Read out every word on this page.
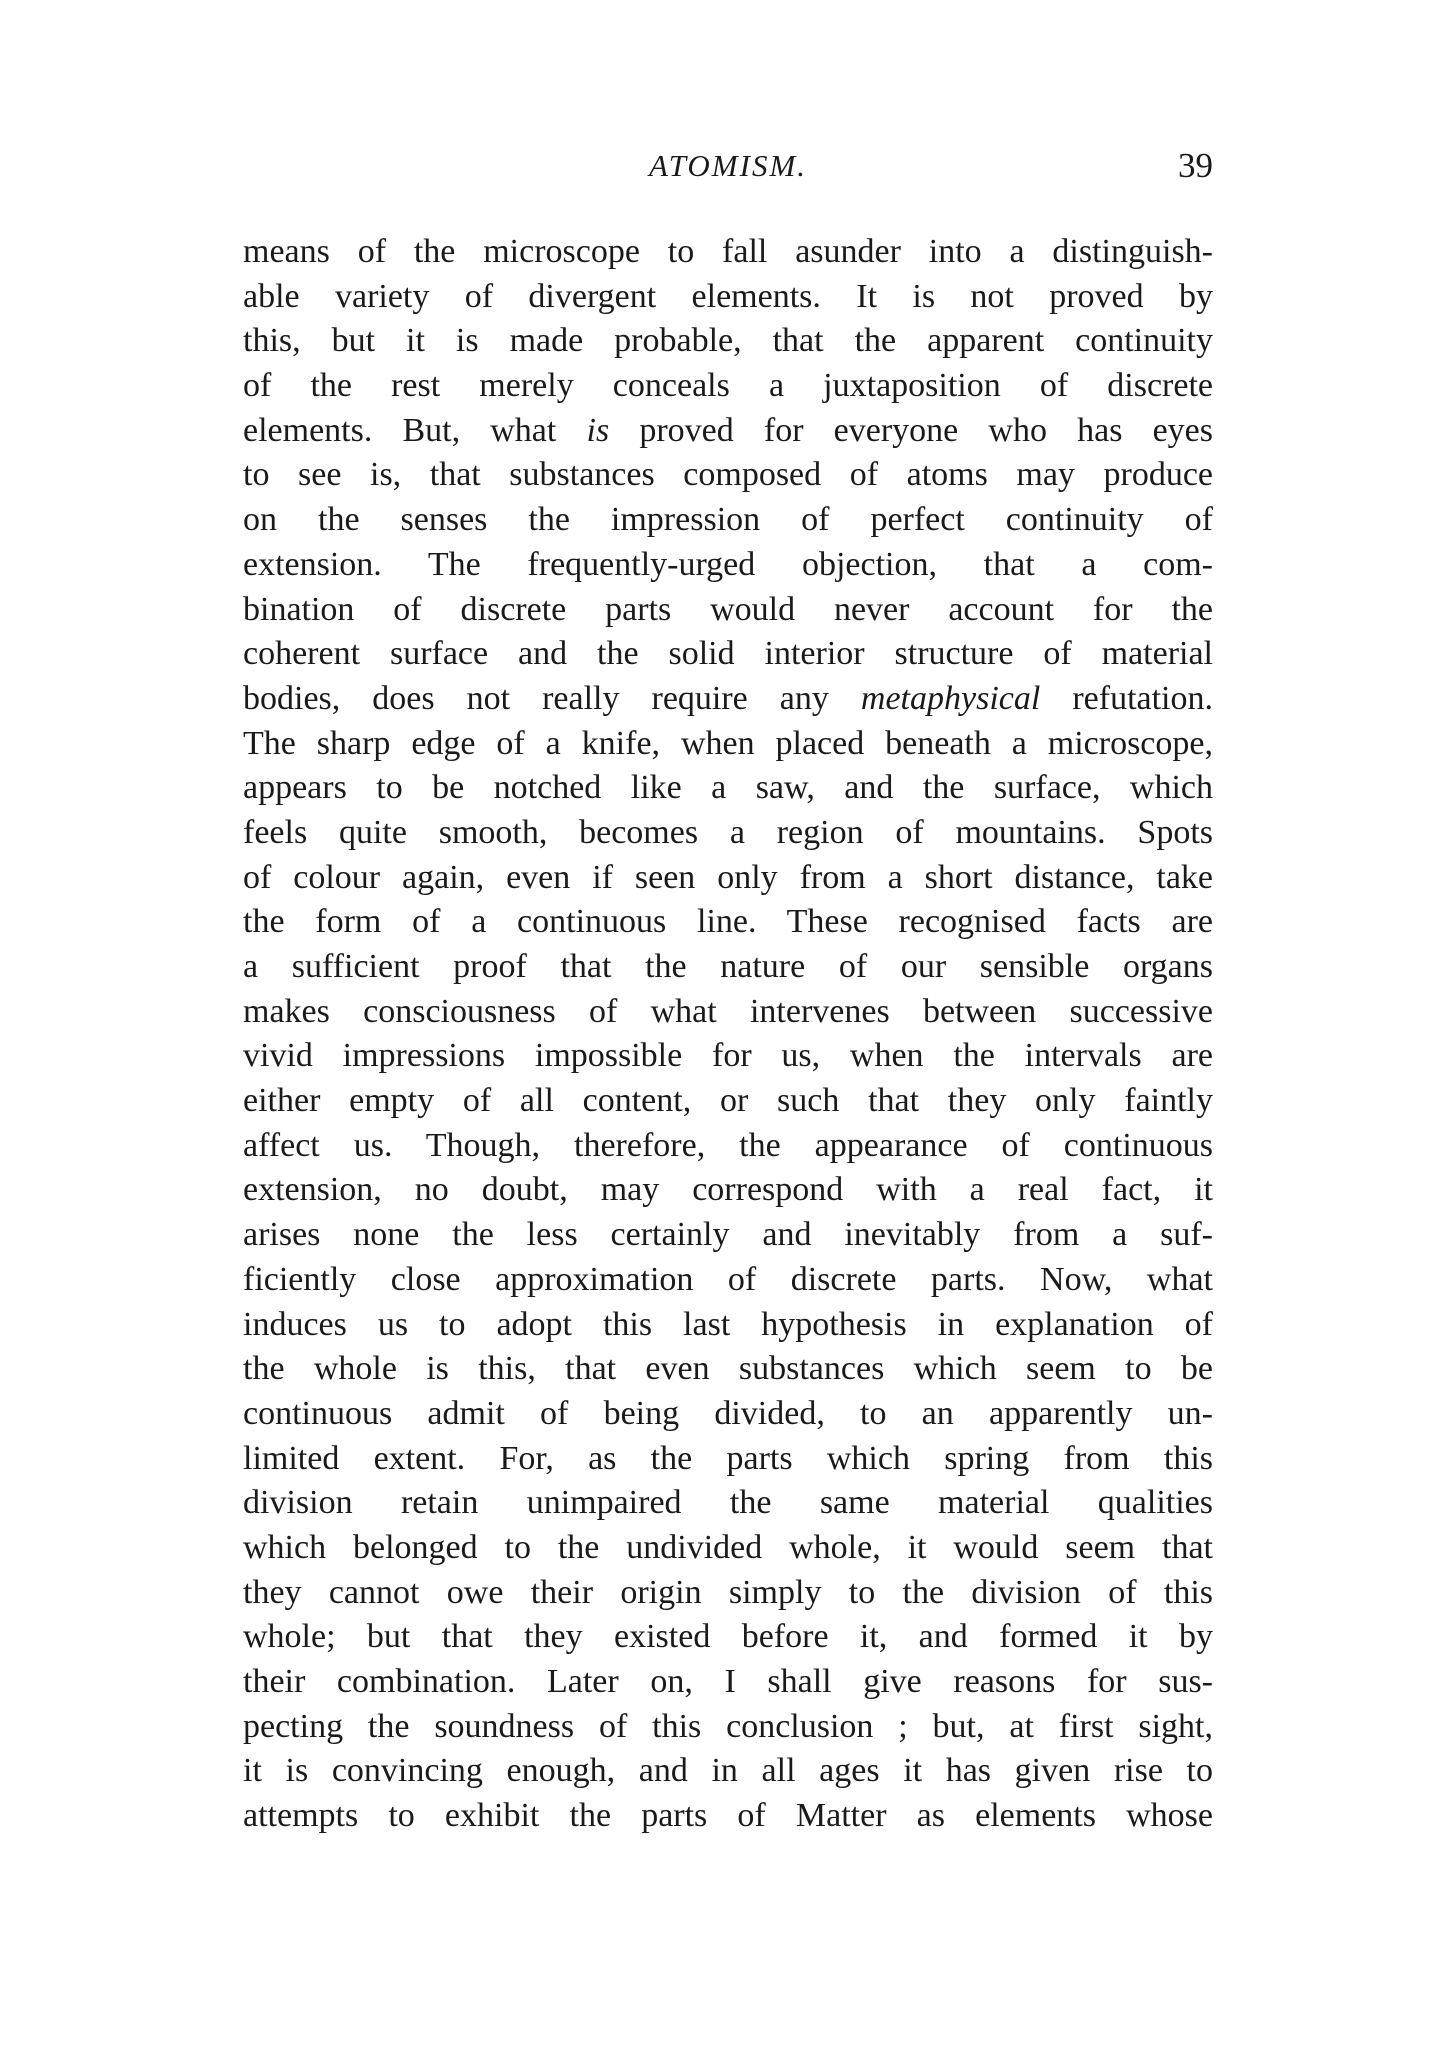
ATOMISM.	39
means of the microscope to fall asunder into a distinguish-
able variety of divergent elements. It is not proved by
this, but it is made probable, that the apparent continuity
of the rest merely conceals a juxtaposition of discrete
elements. But, what is proved for everyone who has eyes
to see is, that substances composed of atoms may produce
on the senses the impression of perfect continuity of
extension. The frequently-urged objection, that a com-
bination of discrete parts would never account for the
coherent surface and the solid interior structure of material
bodies, does not really require any metaphysical refutation.
The sharp edge of a knife, when placed beneath a microscope,
appears to be notched like a saw, and the surface, which
feels quite smooth, becomes a region of mountains. Spots
of colour again, even if seen only from a short distance, take
the form of a continuous line. These recognised facts are
a sufficient proof that the nature of our sensible organs
makes consciousness of what intervenes between successive
vivid impressions impossible for us, when the intervals are
either empty of all content, or such that they only faintly
affect us. Though, therefore, the appearance of continuous
extension, no doubt, may correspond with a real fact, it
arises none the less certainly and inevitably from a suf-
ficiently close approximation of discrete parts. Now, what
induces us to adopt this last hypothesis in explanation of
the whole is this, that even substances which seem to be
continuous admit of being divided, to an apparently un-
limited extent. For, as the parts which spring from this
division retain unimpaired the same material qualities
which belonged to the undivided whole, it would seem that
they cannot owe their origin simply to the division of this
whole; but that they existed before it, and formed it by
their combination. Later on, I shall give reasons for sus-
pecting the soundness of this conclusion ; but, at first sight,
it is convincing enough, and in all ages it has given rise to
attempts to exhibit the parts of Matter as elements whose
